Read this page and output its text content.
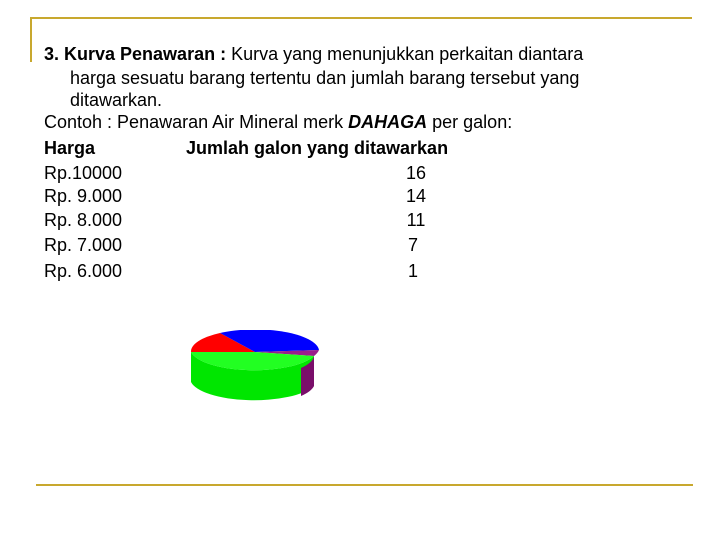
3. Kurva Penawaran : Kurva yang menunjukkan perkaitan diantara
harga sesuatu barang tertentu dan jumlah barang tersebut yang
ditawarkan.
Contoh : Penawaran Air Mineral merk DAHAGA per galon:
Harga	Jumlah galon yang ditawarkan
Rp.10000	16
Rp. 9.000	14
Rp. 8.000	11
Rp. 7.000	7
Rp. 6.000	1
